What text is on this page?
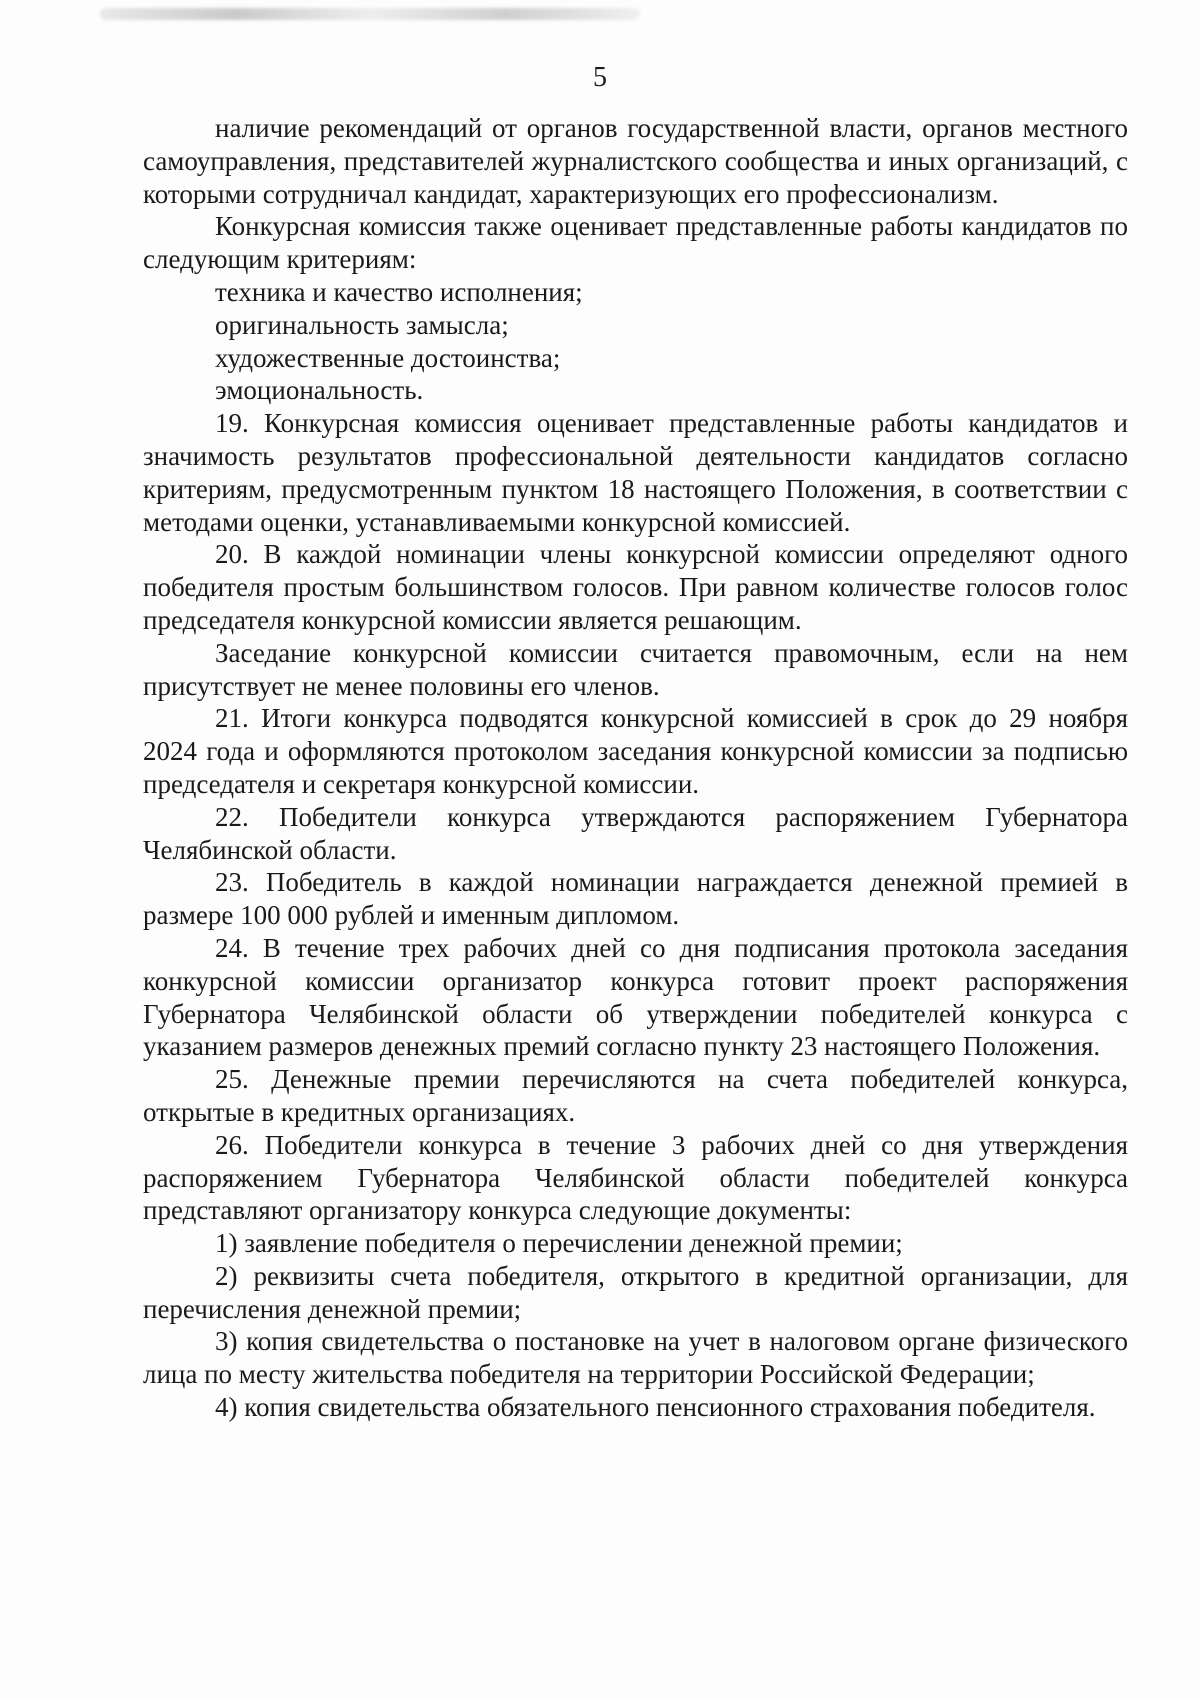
5

наличие рекомендаций от органов государственной власти, органов местного самоуправления, представителей журналистского сообщества и иных организаций, с которыми сотрудничал кандидат, характеризующих его профессионализм.

Конкурсная комиссия также оценивает представленные работы кандидатов по следующим критериям:

техника и качество исполнения;

оригинальность замысла;

художественные достоинства;

эмоциональность.

19. Конкурсная комиссия оценивает представленные работы кандидатов и значимость результатов профессиональной деятельности кандидатов согласно критериям, предусмотренным пунктом 18 настоящего Положения, в соответствии с методами оценки, устанавливаемыми конкурсной комиссией.

20. В каждой номинации члены конкурсной комиссии определяют одного победителя простым большинством голосов. При равном количестве голосов голос председателя конкурсной комиссии является решающим.

Заседание конкурсной комиссии считается правомочным, если на нем присутствует не менее половины его членов.

21. Итоги конкурса подводятся конкурсной комиссией в срок до 29 ноября 2024 года и оформляются протоколом заседания конкурсной комиссии за подписью председателя и секретаря конкурсной комиссии.

22. Победители конкурса утверждаются распоряжением Губернатора Челябинской области.

23. Победитель в каждой номинации награждается денежной премией в размере 100 000 рублей и именным дипломом.

24. В течение трех рабочих дней со дня подписания протокола заседания конкурсной комиссии организатор конкурса готовит проект распоряжения Губернатора Челябинской области об утверждении победителей конкурса с указанием размеров денежных премий согласно пункту 23 настоящего Положения.

25. Денежные премии перечисляются на счета победителей конкурса, открытые в кредитных организациях.

26. Победители конкурса в течение 3 рабочих дней со дня утверждения распоряжением Губернатора Челябинской области победителей конкурса представляют организатору конкурса следующие документы:

1) заявление победителя о перечислении денежной премии;

2) реквизиты счета победителя, открытого в кредитной организации, для перечисления денежной премии;

3) копия свидетельства о постановке на учет в налоговом органе физического лица по месту жительства победителя на территории Российской Федерации;

4) копия свидетельства обязательного пенсионного страхования победителя.
